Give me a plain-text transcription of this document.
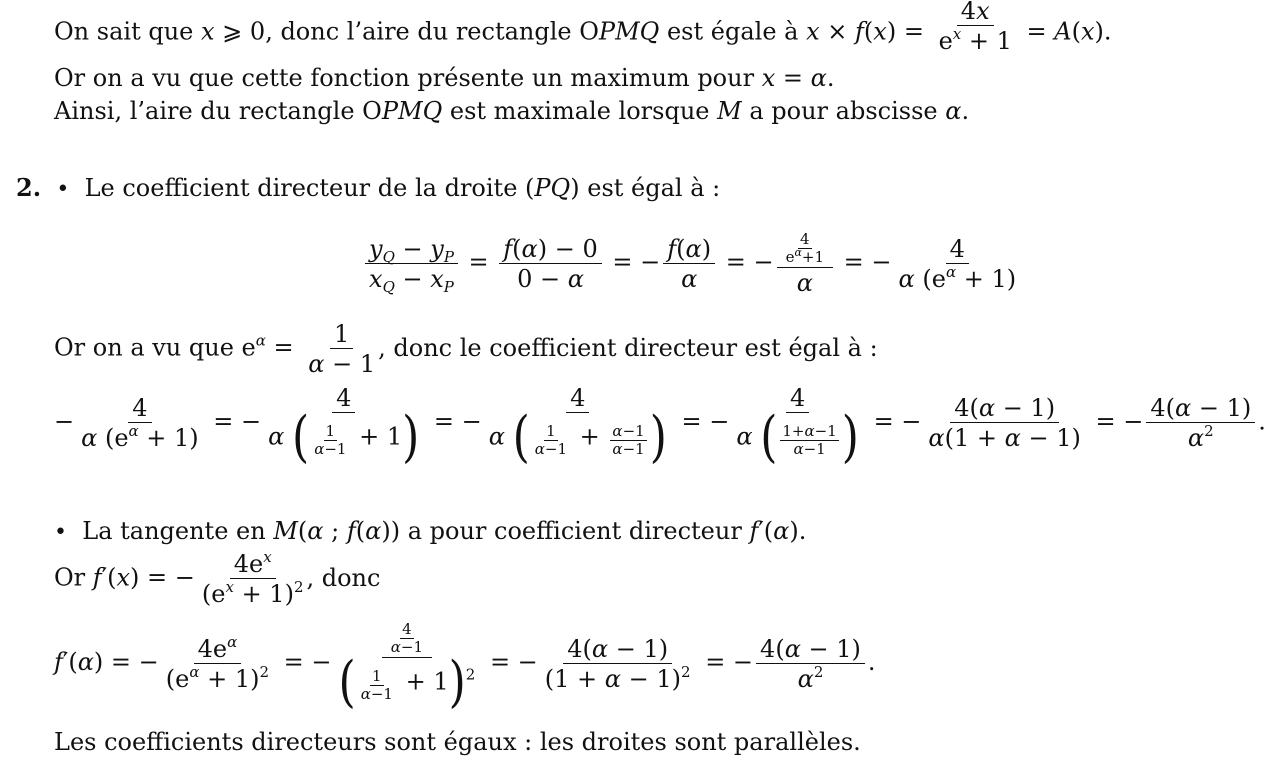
On sait que x ⩾ 0, donc l’aire du rectangle OPMQ est égale à $x \times f(x) = \frac{4x}{e^x + 1} = A(x)$.
Or on a vu que cette fonction présente un maximum pour x = α.
Ainsi, l’aire du rectangle OPMQ est maximale lorsque M a pour abscisse α.
2. • Le coefficient directeur de la droite (PQ) est égal à :
$\frac{y_Q - y_P}{x_Q - x_P} = \frac{f(\alpha) - 0}{0 - \alpha}$ = − $\frac{f(\alpha)}{\alpha}$ = − $\frac{\frac{4}{e^\alpha+1}}{\alpha}$ = − $\frac{4}{\alpha (e^\alpha + 1)}$
Or on a vu que $e^\alpha = \frac{1}{\alpha - 1}$ , donc le coefficient directeur est égal à :
− $\frac{4}{\alpha (e^\alpha + 1)}$ = − $\frac{4}{\alpha ( \frac{1}{\alpha-1} + 1)}$ = − $\frac{4}{\alpha ( \frac{1}{\alpha-1} + \frac{\alpha-1}{\alpha-1} )}$ = − $\frac{4}{\alpha ( \frac{1+\alpha-1}{\alpha-1} )}$ = − $\frac{4(\alpha - 1)}{\alpha(1 + \alpha - 1)}$ = − $\frac{4(\alpha - 1)}{\alpha^2}$ .
• La tangente en M(α ; f(α)) a pour coefficient directeur f′(α).
Or f′(x) = − $\frac{4e^x}{(e^x + 1)^2}$ , donc
f′(α) = − $\frac{4e^\alpha}{(e^\alpha + 1)^2}$ = − $\frac{\frac{4}{\alpha-1}}{( \frac{1}{\alpha-1} + 1)^2}$ = − $\frac{4(\alpha - 1)}{(1 + \alpha - 1)^2}$ = − $\frac{4(\alpha - 1)}{\alpha^2}$ .
Les coefficients directeurs sont égaux : les droites sont parallèles.
